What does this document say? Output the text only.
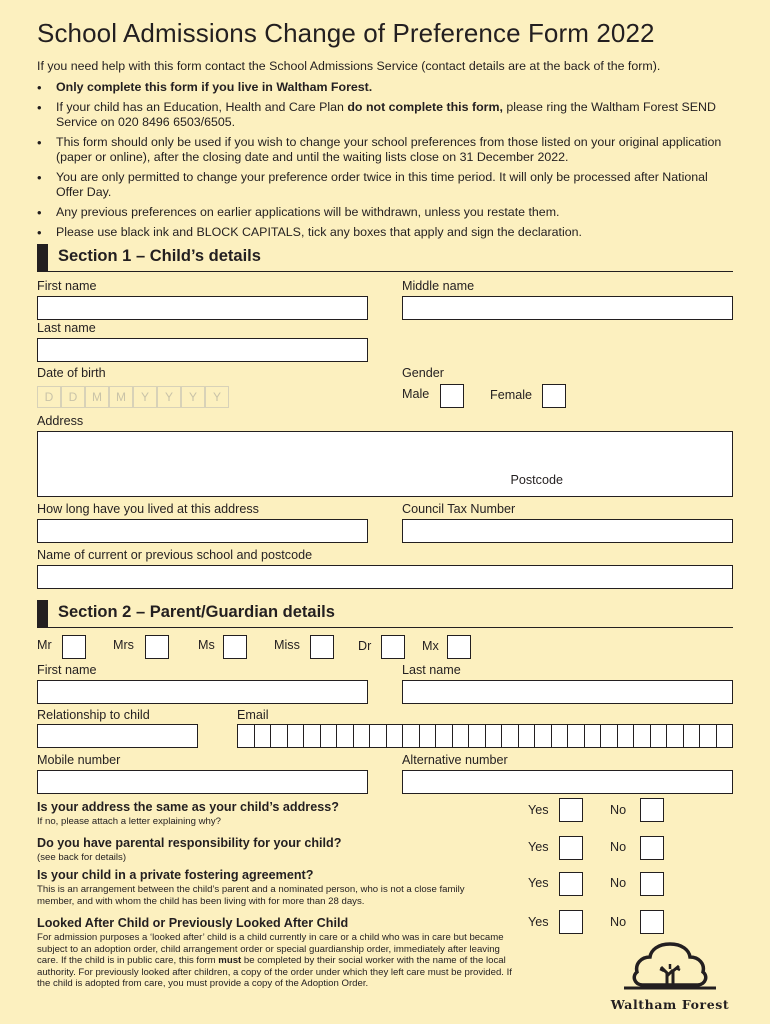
School Admissions Change of Preference Form 2022
If you need help with this form contact the School Admissions Service (contact details are at the back of the form).
• Only complete this form if you live in Waltham Forest.
• If your child has an Education, Health and Care Plan do not complete this form, please ring the Waltham Forest SEND Service on 020 8496 6503/6505.
• This form should only be used if you wish to change your school preferences from those listed on your original application (paper or online), after the closing date and until the waiting lists close on 31 December 2022.
• You are only permitted to change your preference order twice in this time period. It will only be processed after National Offer Day.
• Any previous preferences on earlier applications will be withdrawn, unless you restate them.
• Please use black ink and BLOCK CAPITALS, tick any boxes that apply and sign the declaration.
Section 1 – Child’s details
First name	Middle name
Last name
Date of birth
D	D	M	M	Y	Y	Y	Y
Gender
Male	Female
Address
Postcode
How long have you lived at this address	Council Tax Number
Name of current or previous school and postcode
Section 2 – Parent/Guardian details
Mr	Mrs	Ms	Miss	Dr	Mx
First name	Last name
Relationship to child	Email
Mobile number	Alternative number
Is your address the same as your child’s address?
If no, please attach a letter explaining why?
Yes	No
Do you have parental responsibility for your child?
(see back for details)
Yes	No
Is your child in a private fostering agreement?
This is an arrangement between the child’s parent and a nominated person, who is not a close family member, and with whom the child has been living with for more than 28 days.
Yes	No
Looked After Child or Previously Looked After Child
For admission purposes a ‘looked after’ child is a child currently in care or a child who was in care but became subject to an adoption order, child arrangement order or special guardianship order, immediately after leaving care. If the child is in public care, this form must be completed by their social worker with the name of the local authority. For previously looked after children, a copy of the order under which they left care must be provided. If the child is adopted from care, you must provide a copy of the Adoption Order.
Yes	No
Waltham Forest
